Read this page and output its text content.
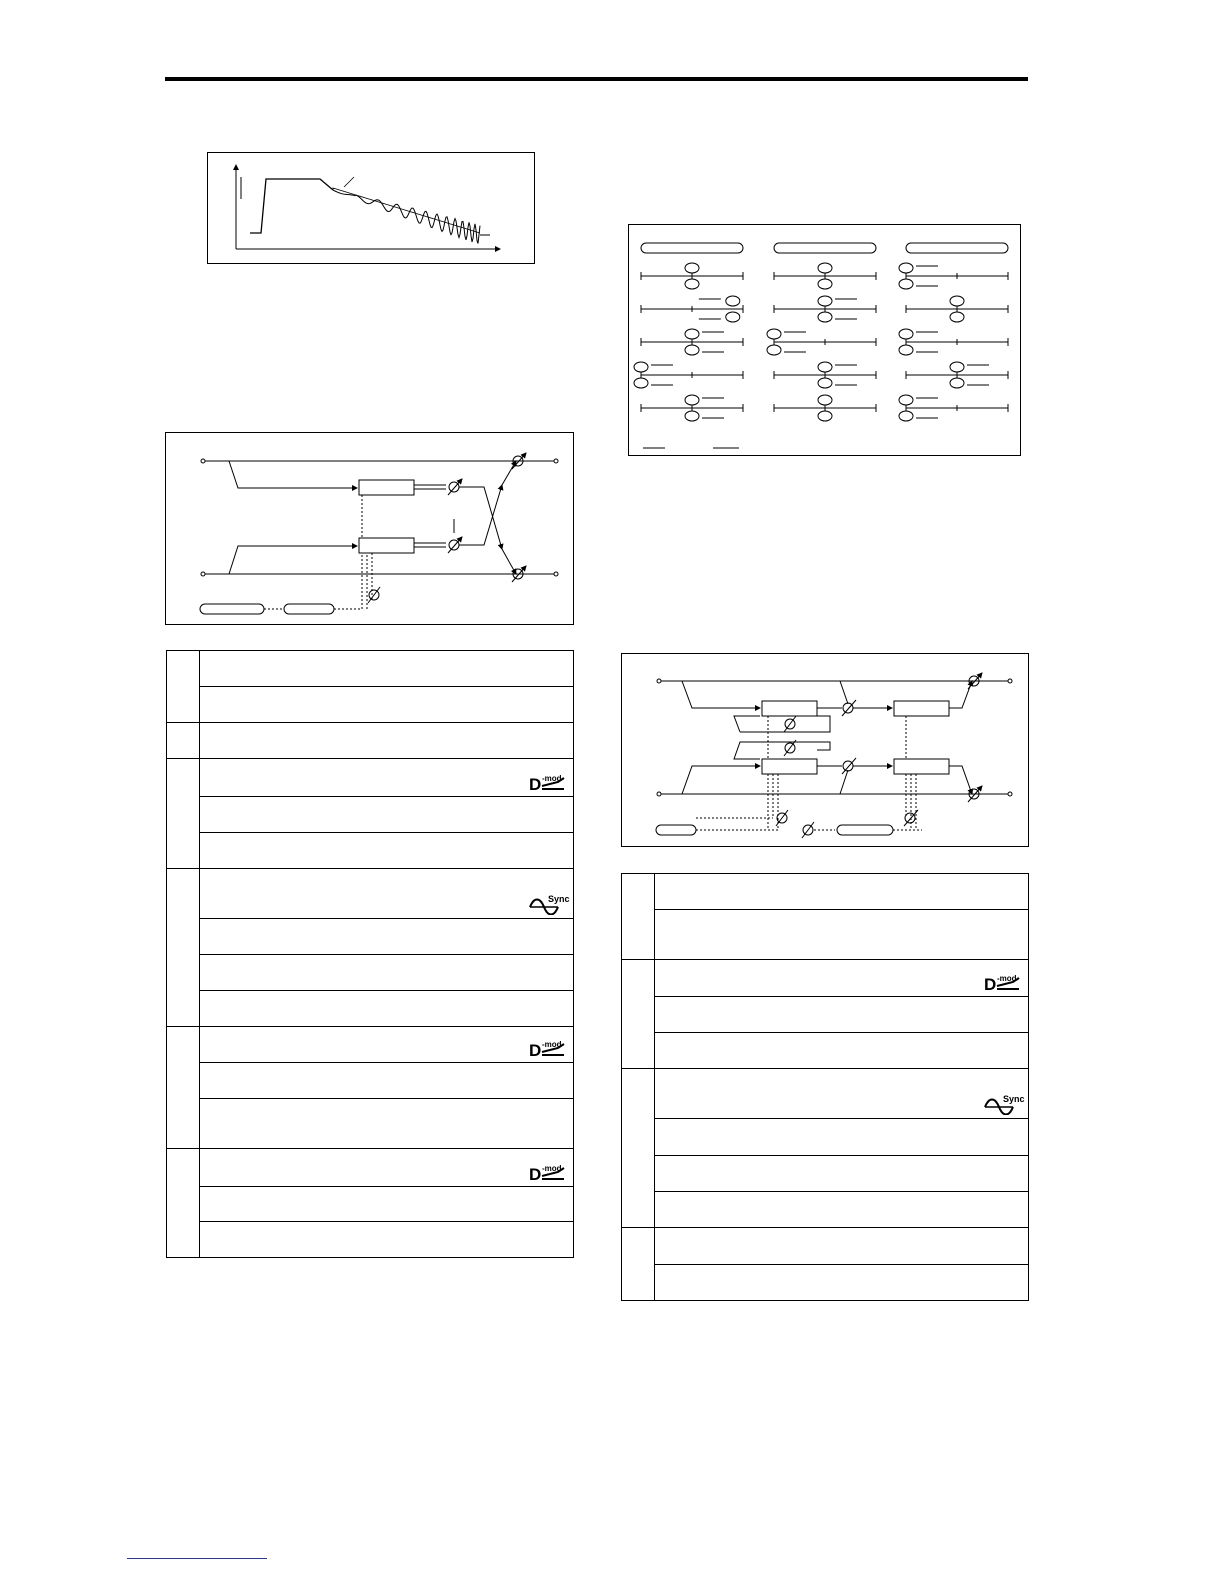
D -mod

Sync

D -mod

D -mod

D -mod

Sync
